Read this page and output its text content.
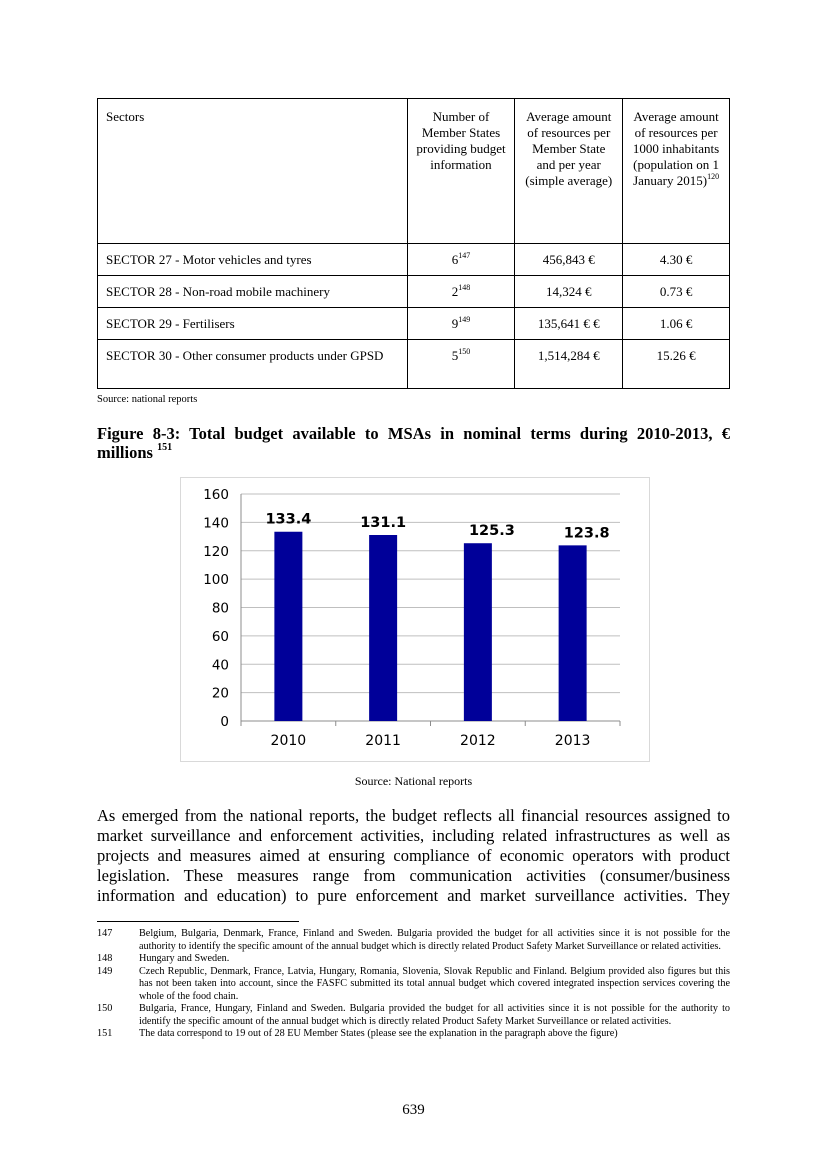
Sectors	Number of Member States providing budget information	Average amount of resources per Member State and per year (simple average)	Average amount of resources per 1000 inhabitants (population on 1 January 2015)$^{120}$
SECTOR 27 - Motor vehicles and tyres	$6^{147}$	456,843 €	4.30 €
SECTOR 28 - Non-road mobile machinery	$2^{148}$	14,324 €	0.73 €
SECTOR 29 - Fertilisers	$9^{149}$	135,641 € €	1.06 €
SECTOR 30 - Other consumer products under GPSD	$5^{150}$	1,514,284 €	15.26 €
Source: national reports
Figure 8-3: Total budget available to MSAs in nominal terms during 2010-2013, €
millions $^{151}$
0
20
40
60
80
100
120
140
160
133.4	131.1
125.3	123.8
2010	2011	2012	2013
Source: National reports
As emerged from the national reports, the budget reflects all financial resources assigned to market surveillance and enforcement activities, including related infrastructures as well as projects and measures aimed at ensuring compliance of economic operators with product legislation. These measures range from communication activities (consumer/business information and education) to pure enforcement and market surveillance activities. They
147	Belgium, Bulgaria, Denmark, France, Finland and Sweden. Bulgaria provided the budget for all activities since it is not possible for the authority to identify the specific amount of the annual budget which is directly related Product Safety Market Surveillance or related activities.
148	Hungary and Sweden.
149	Czech Republic, Denmark, France, Latvia, Hungary, Romania, Slovenia, Slovak Republic and Finland. Belgium provided also figures but this has not been taken into account, since the FASFC submitted its total annual budget which covered integrated inspection services covering the whole of the food chain.
150	Bulgaria, France, Hungary, Finland and Sweden. Bulgaria provided the budget for all activities since it is not possible for the authority to identify the specific amount of the annual budget which is directly related Product Safety Market Surveillance or related activities.
151	The data correspond to 19 out of 28 EU Member States (please see the explanation in the paragraph above the figure)
639
